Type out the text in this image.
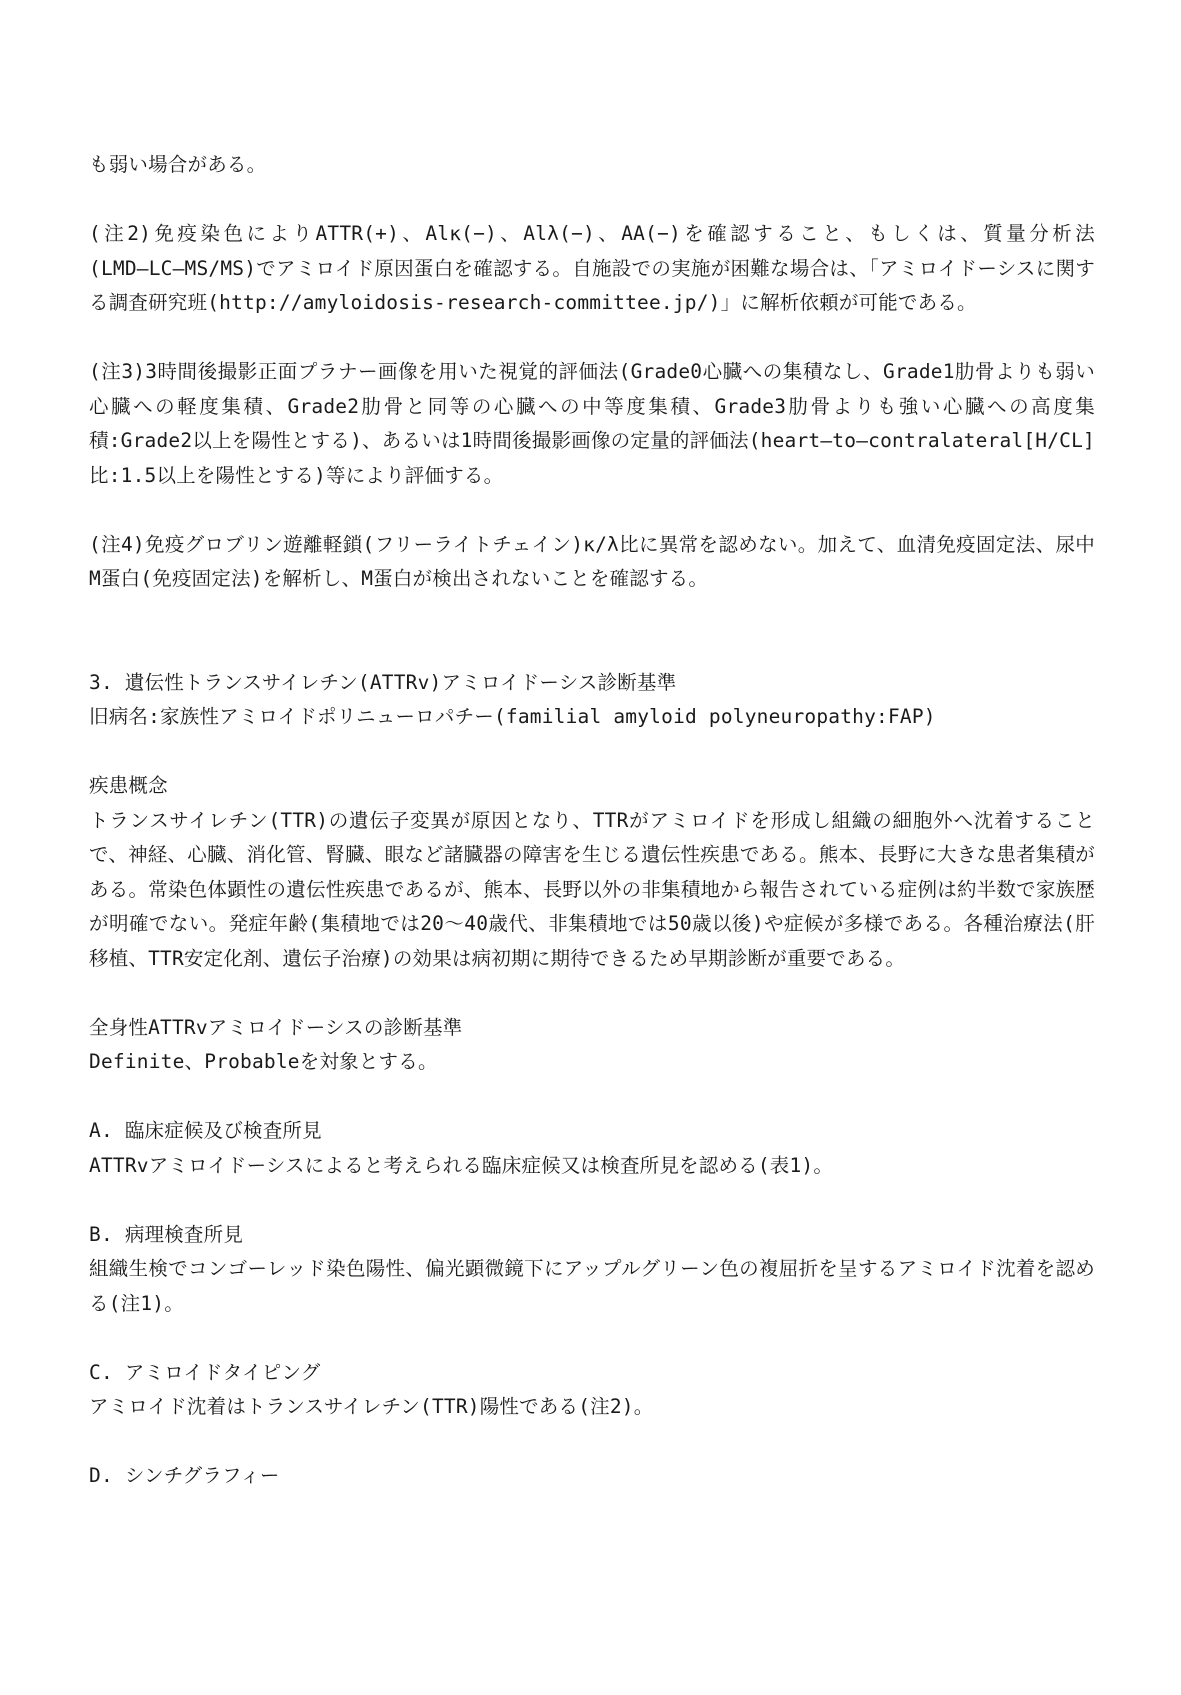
も弱い場合がある。

(注2)免疫染色によりATTR(+)、Alκ(−)、Alλ(−)、AA(−)を確認すること、もしくは、質量分析法(LMD―LC―MS/MS)でアミロイド原因蛋白を確認する。自施設での実施が困難な場合は、「アミロイドーシスに関する調査研究班(http://amyloidosis-research-committee.jp/)」に解析依頼が可能である。

(注3)3時間後撮影正面プラナー画像を用いた視覚的評価法(Grade0心臓への集積なし、Grade1肋骨よりも弱い心臓への軽度集積、Grade2肋骨と同等の心臓への中等度集積、Grade3肋骨よりも強い心臓への高度集積:Grade2以上を陽性とする)、あるいは1時間後撮影画像の定量的評価法(heart―to―contralateral[H/CL]比:1.5以上を陽性とする)等により評価する。

(注4)免疫グロブリン遊離軽鎖(フリーライトチェイン)κ/λ比に異常を認めない。加えて、血清免疫固定法、尿中M蛋白(免疫固定法)を解析し、M蛋白が検出されないことを確認する。

3. 遺伝性トランスサイレチン(ATTRv)アミロイドーシス診断基準
旧病名:家族性アミロイドポリニューロパチー(familial amyloid polyneuropathy:FAP)
疾患概念

トランスサイレチン(TTR)の遺伝子変異が原因となり、TTRがアミロイドを形成し組織の細胞外へ沈着することで、神経、心臓、消化管、腎臓、眼など諸臓器の障害を生じる遺伝性疾患である。熊本、長野に大きな患者集積がある。常染色体顕性の遺伝性疾患であるが、熊本、長野以外の非集積地から報告されている症例は約半数で家族歴が明確でない。発症年齢(集積地では20〜40歳代、非集積地では50歳以後)や症候が多様である。各種治療法(肝移植、TTR安定化剤、遺伝子治療)の効果は病初期に期待できるため早期診断が重要である。

全身性ATTRvアミロイドーシスの診断基準
Definite、Probableを対象とする。
A. 臨床症候及び検査所見
ATTRvアミロイドーシスによると考えられる臨床症候又は検査所見を認める(表1)。
B. 病理検査所見

組織生検でコンゴーレッド染色陽性、偏光顕微鏡下にアップルグリーン色の複屈折を呈するアミロイド沈着を認める(注1)。

C. アミロイドタイピング
アミロイド沈着はトランスサイレチン(TTR)陽性である(注2)。
D. シンチグラフィー
